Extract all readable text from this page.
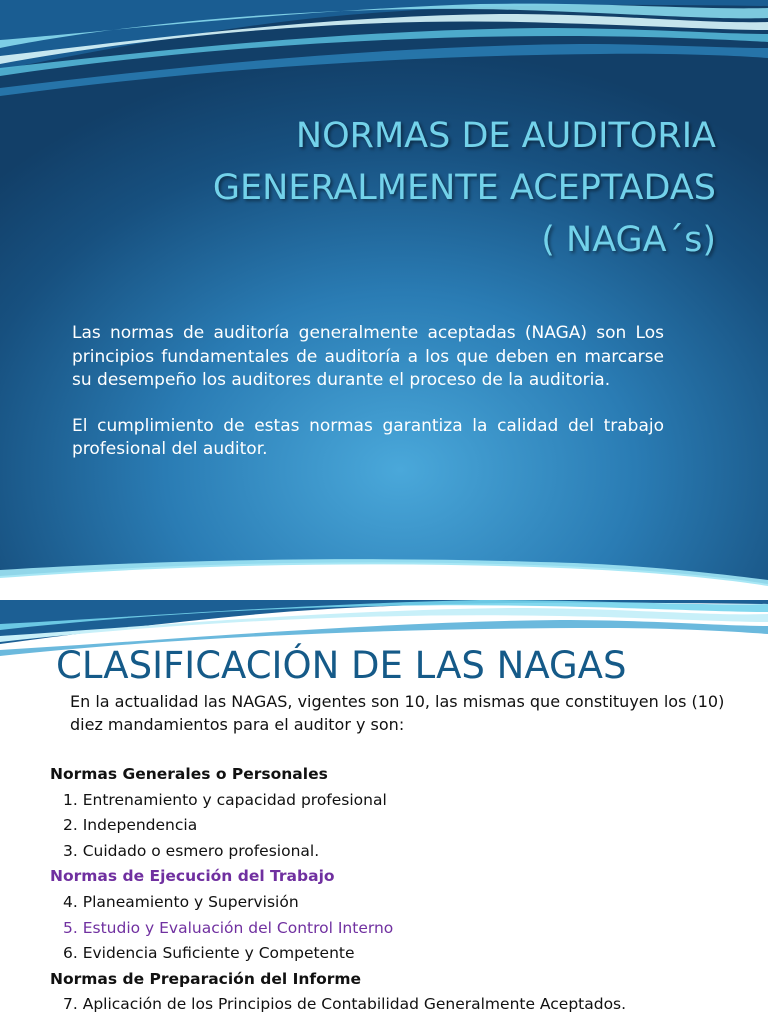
NORMAS DE AUDITORIA
GENERALMENTE ACEPTADAS
( NAGA´s)

Las normas de auditoría generalmente aceptadas (NAGA) son Los principios fundamentales de auditoría a los que deben en marcarse su desempeño los auditores durante el proceso de la auditoria.

El cumplimiento de estas normas garantiza la calidad del trabajo profesional del auditor.

CLASIFICACIÓN DE LAS NAGAS

En la actualidad las NAGAS, vigentes son 10, las mismas que constituyen los (10) diez mandamientos para el auditor y son:

Normas Generales o Personales
1. Entrenamiento y capacidad profesional
2. Independencia
3. Cuidado o esmero profesional.
Normas de Ejecución del Trabajo
4. Planeamiento y Supervisión
5. Estudio y Evaluación del Control Interno
6. Evidencia Suficiente y Competente
Normas de Preparación del Informe
7. Aplicación de los Principios de Contabilidad Generalmente Aceptados.
